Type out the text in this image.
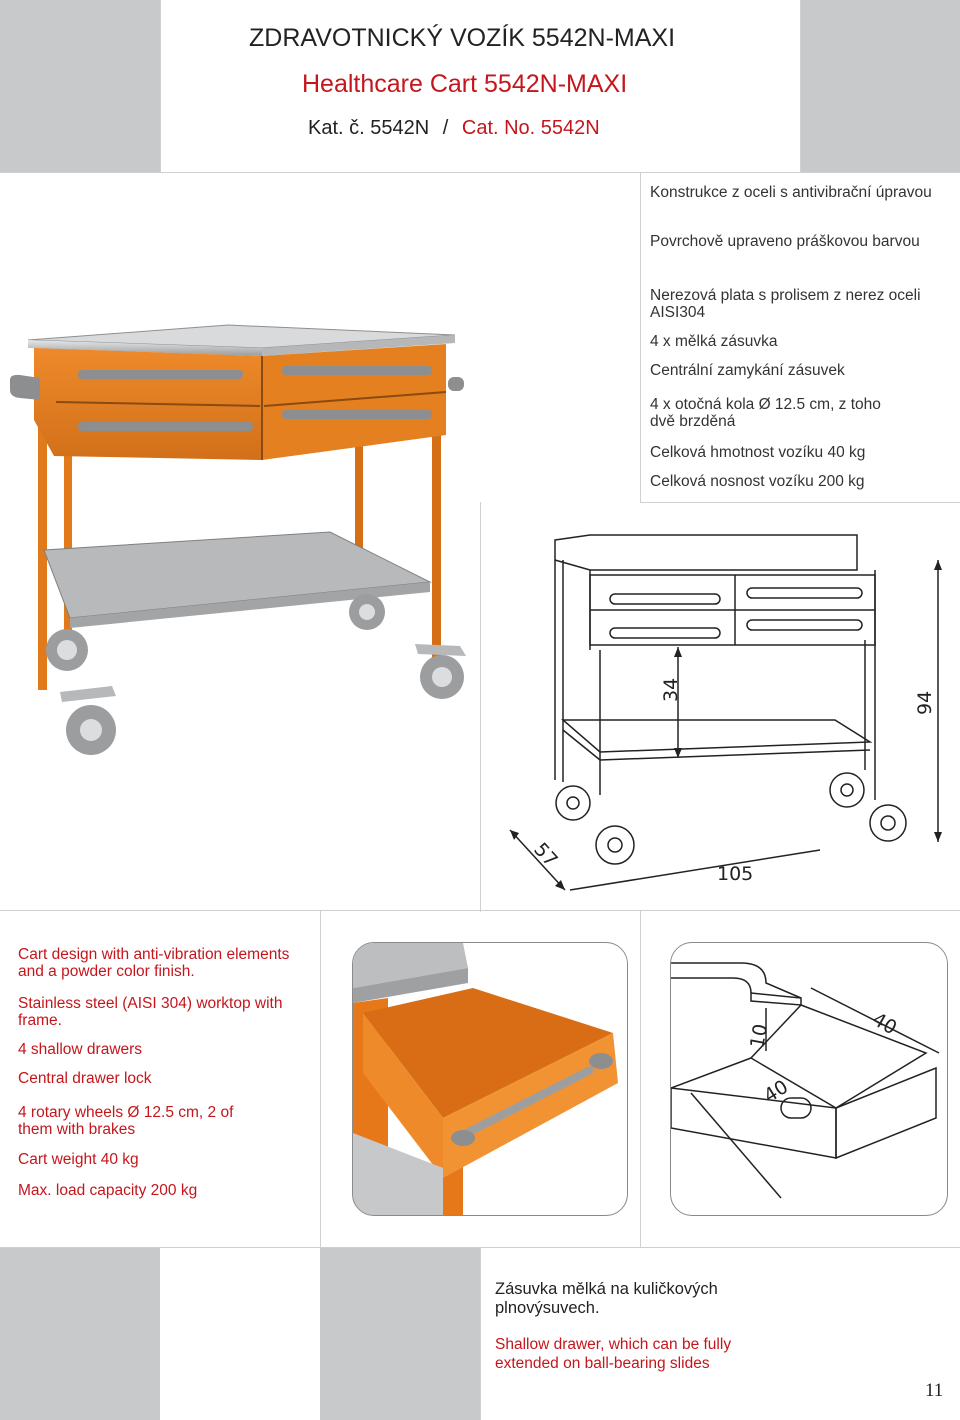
ZDRAVOTNICKÝ VOZÍK 5542N-MAXI
Healthcare Cart 5542N-MAXI
Kat. č. 5542N / Cat. No. 5542N
Konstrukce z oceli s antivibrační úpravou
Povrchově upraveno práškovou barvou
Nerezová plata s prolisem z nerez oceli AISI304
4 x mělká zásuvka
Centrální zamykání zásuvek
4 x otočná kola Ø 12.5 cm, z toho dvě brzděná
Celková hmotnost vozíku 40 kg
Celková nosnost vozíku 200 kg
34
94
57
105
Cart design with anti-vibration elements and a powder color finish.
Stainless steel (AISI 304) worktop with frame.
4 shallow drawers
Central drawer lock
4 rotary wheels Ø 12.5 cm, 2 of them with brakes
Cart weight 40 kg
Max. load capacity 200 kg
10	40
40
Zásuvka mělká na kuličkových plnovýsuvech.
Shallow drawer, which can be fully extended on ball-bearing slides
11
